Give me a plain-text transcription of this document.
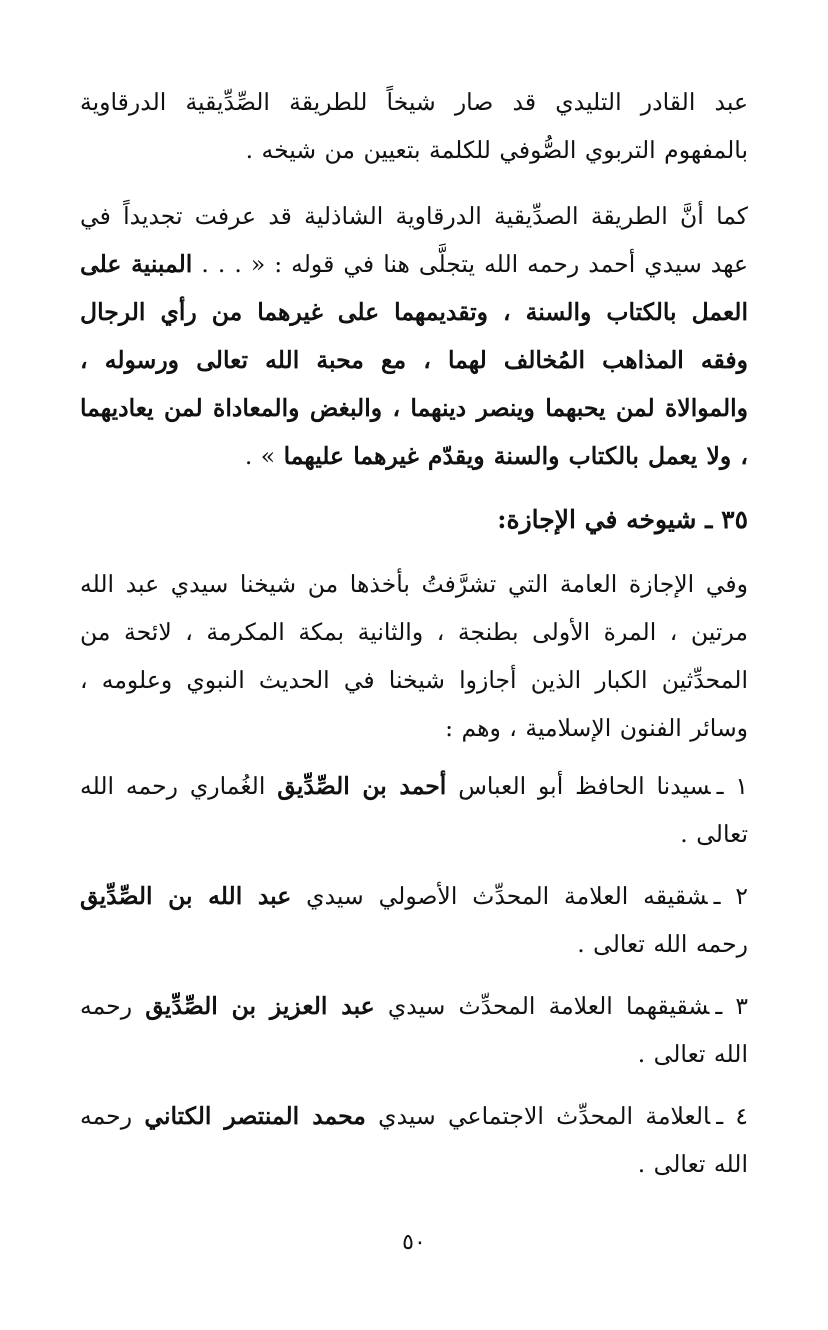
عبد القادر التليدي قد صار شيخاً للطريقة الصِّدِّيقية الدرقاوية بالمفهوم التربوي الصُّوفي للكلمة بتعيين من شيخه .

كما أنَّ الطريقة الصدِّيقية الدرقاوية الشاذلية قد عرفت تجديداً في عهد سيدي أحمد رحمه الله يتجلَّى هنا في قوله : « . . . المبنية على العمل بالكتاب والسنة ، وتقديمهما على غيرهما من رأي الرجال وفقه المذاهب المُخالف لهما ، مع محبة الله تعالى ورسوله ، والموالاة لمن يحبهما وينصر دينهما ، والبغض والمعاداة لمن يعاديهما ، ولا يعمل بالكتاب والسنة ويقدّم غيرهما عليهما » .

٣٥ ـ شيوخه في الإجازة:

وفي الإجازة العامة التي تشرَّفتُ بأخذها من شيخنا سيدي عبد الله مرتين ، المرة الأولى بطنجة ، والثانية بمكة المكرمة ، لائحة من المحدِّثين الكبار الذين أجازوا شيخنا في الحديث النبوي وعلومه ، وسائر الفنون الإسلامية ، وهم :

١ ـسيدنا الحافظ أبو العباس أحمد بن الصِّدِّيق الغُماري رحمه الله تعالى .

٢ ـشقيقه العلامة المحدِّث الأصولي سيدي عبد الله بن الصِّدِّيق رحمه الله تعالى .

٣ ـشقيقهما العلامة المحدِّث سيدي عبد العزيز بن الصِّدِّيق رحمه الله تعالى .

٤ ـالعلامة المحدِّث الاجتماعي سيدي محمد المنتصر الكتاني رحمه الله تعالى .

٥٠
